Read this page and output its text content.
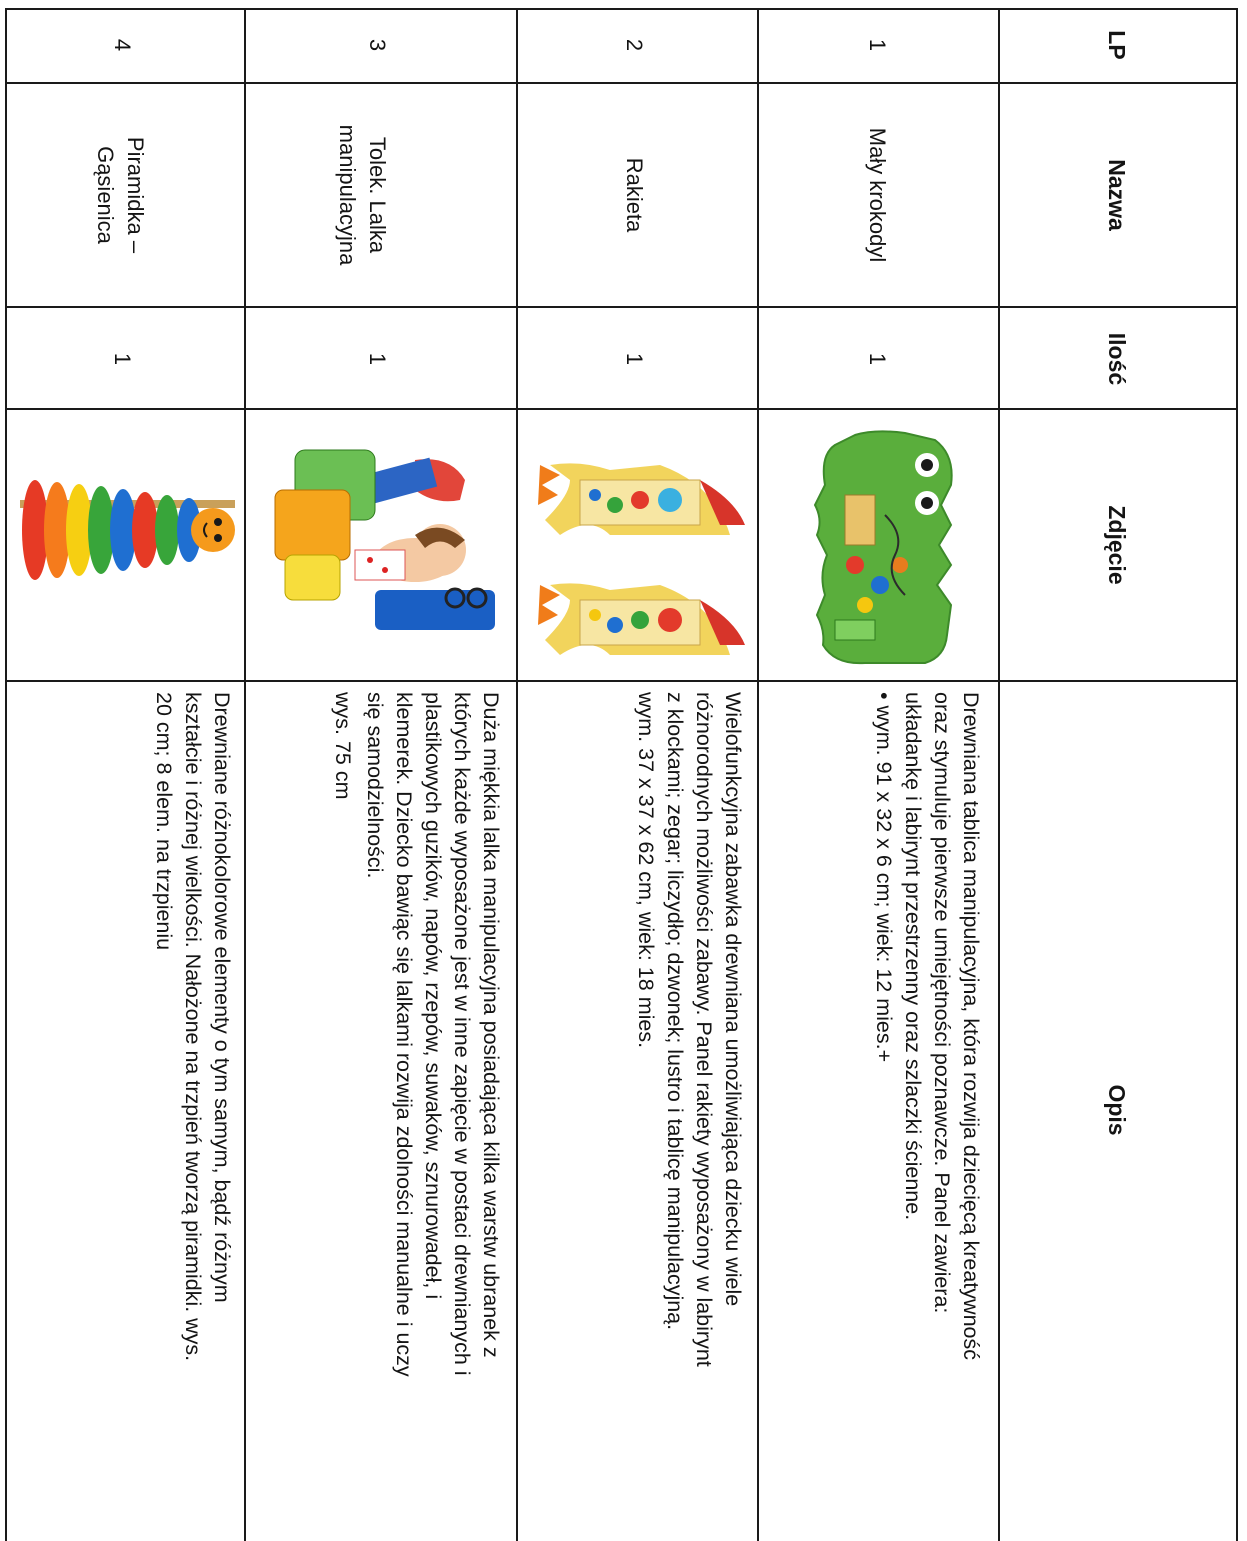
LP
Nazwa
Ilość
Zdjęcie
Opis
1
Mały krokodyl
1
2
Rakieta
1
3
Tolek. Lalka
manipulacyjna
1
4
Piramidka –
Gąsienica
1
Drewniana tablica manipulacyjna, która rozwija dziecięcą kreatywność
oraz stymuluje pierwsze umiejętności poznawcze. Panel zawiera:
układankę i labirynt przestrzenny oraz szlaczki ścienne.
• wym. 91 x 32 x 6 cm; wiek: 12 mies.+
Wielofunkcyjna zabawka drewniana umożliwiająca dziecku wiele
różnorodnych możliwości zabawy. Panel rakiety wyposażony w labirynt
z klockami; zegar; liczydło; dzwonek; lustro i tablicę manipulacyjną.
wym. 37 x 37 x 62 cm, wiek: 18 mies.
Duża miękkia lalka manipulacyjna posiadająca kilka warstw ubranek z
których każde wyposażone jest w inne zapięcie w postaci drewnianych i
plastikowych guzików, napów, rzepów, suwaków, sznurowadeł, i
klemerek. Dziecko bawiąc się lalkami rozwija zdolności manualne i uczy
się samodzielności.
wys. 75 cm
Drewniane różnokolorowe elementy o tym samym, bądź różnym
kształcie i różnej wielkości. Nałożone na trzpień tworzą piramidki. wys.
20 cm; 8 elem. na trzpieniu
